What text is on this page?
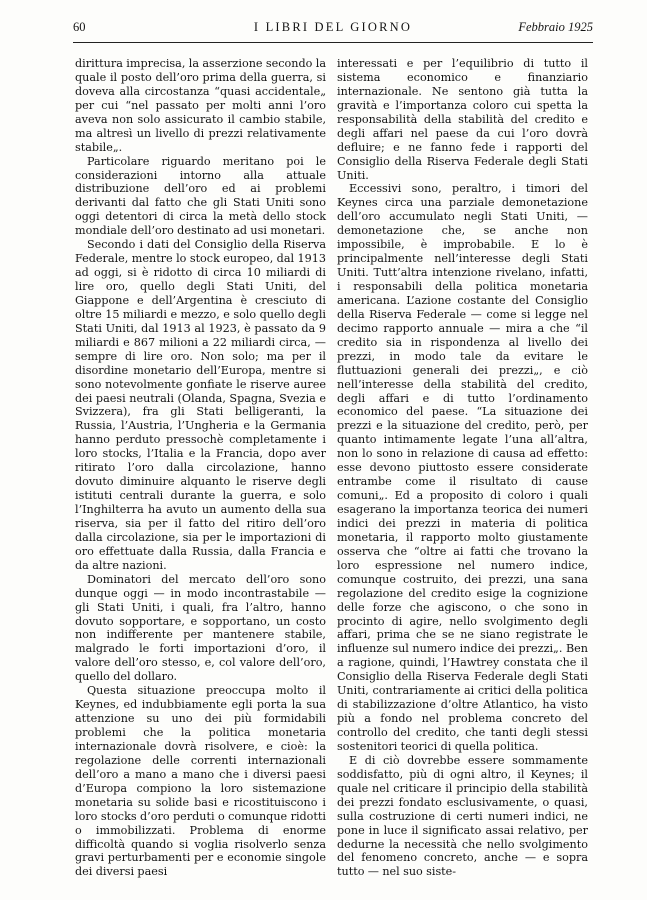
60	I LIBRI DEL GIORNO	Febbraio 1925

dirittura imprecisa, la asserzione secondo la quale il posto dell’oro prima della guerra, si doveva alla circostanza “quasi accidentale„ per cui “nel passato per molti anni l’oro aveva non solo assicurato il cambio stabile, ma altresì un livello di prezzi relativamente stabile„.

Particolare riguardo meritano poi le considerazioni intorno alla attuale distribuzione dell’oro ed ai problemi derivanti dal fatto che gli Stati Uniti sono oggi detentori di circa la metà dello stock mondiale dell’oro destinato ad usi monetari.

Secondo i dati del Consiglio della Riserva Federale, mentre lo stock europeo, dal 1913 ad oggi, si è ridotto di circa 10 miliardi di lire oro, quello degli Stati Uniti, del Giappone e dell’Argentina è cresciuto di oltre 15 miliardi e mezzo, e solo quello degli Stati Uniti, dal 1913 al 1923, è passato da 9 miliardi e 867 milioni a 22 miliardi circa, — sempre di lire oro. Non solo; ma per il disordine monetario dell’Europa, mentre si sono notevolmente gonfiate le riserve auree dei paesi neutrali (Olanda, Spagna, Svezia e Svizzera), fra gli Stati belligeranti, la Russia, l’Austria, l’Ungheria e la Germania hanno perduto pressochè completamente i loro stocks, l’Italia e la Francia, dopo aver ritirato l’oro dalla circolazione, hanno dovuto diminuire alquanto le riserve degli istituti centrali durante la guerra, e solo l’Inghilterra ha avuto un aumento della sua riserva, sia per il fatto del ritiro dell’oro dalla circolazione, sia per le importazioni di oro effettuate dalla Russia, dalla Francia e da altre nazioni.

Dominatori del mercato dell’oro sono dunque oggi — in modo incontrastabile — gli Stati Uniti, i quali, fra l’altro, hanno dovuto sopportare, e sopportano, un costo non indifferente per mantenere stabile, malgrado le forti importazioni d’oro, il valore dell’oro stesso, e, col valore dell’oro, quello del dollaro.

Questa situazione preoccupa molto il Keynes, ed indubbiamente egli porta la sua attenzione su uno dei più formidabili problemi che la politica monetaria internazionale dovrà risolvere, e cioè: la regolazione delle correnti internazionali dell’oro a mano a mano che i diversi paesi d’Europa compiono la loro sistemazione monetaria su solide basi e ricostituiscono i loro stocks d’oro perduti o comunque ridotti o immobilizzati. Problema di enorme difficoltà quando si voglia risolverlo senza gravi perturbamenti per e economie singole dei diversi paesi

interessati e per l’equilibrio di tutto il sistema economico e finanziario internazionale. Ne sentono già tutta la gravità e l’importanza coloro cui spetta la responsabilità della stabilità del credito e degli affari nel paese da cui l’oro dovrà defluire; e ne fanno fede i rapporti del Consiglio della Riserva Federale degli Stati Uniti.

Eccessivi sono, peraltro, i timori del Keynes circa una parziale demonetazione dell’oro accumulato negli Stati Uniti, — demonetazione che, se anche non impossibile, è improbabile. E lo è principalmente nell’interesse degli Stati Uniti. Tutt’altra intenzione rivelano, infatti, i responsabili della politica monetaria americana. L’azione costante del Consiglio della Riserva Federale — come si legge nel decimo rapporto annuale — mira a che “il credito sia in rispondenza al livello dei prezzi, in modo tale da evitare le fluttuazioni generali dei prezzi„, e ciò nell’interesse della stabilità del credito, degli affari e di tutto l’ordinamento economico del paese. “La situazione dei prezzi e la situazione del credito, però, per quanto intimamente legate l’una all’altra, non lo sono in relazione di causa ad effetto: esse devono piuttosto essere considerate entrambe come il risultato di cause comuni„. Ed a proposito di coloro i quali esagerano la importanza teorica dei numeri indici dei prezzi in materia di politica monetaria, il rapporto molto giustamente osserva che “oltre ai fatti che trovano la loro espressione nel numero indice, comunque costruito, dei prezzi, una sana regolazione del credito esige la cognizione delle forze che agiscono, o che sono in procinto di agire, nello svolgimento degli affari, prima che se ne siano registrate le influenze sul numero indice dei prezzi„. Ben a ragione, quindi, l’Hawtrey constata che il Consiglio della Riserva Federale degli Stati Uniti, contrariamente ai critici della politica di stabilizzazione d’oltre Atlantico, ha visto più a fondo nel problema concreto del controllo del credito, che tanti degli stessi sostenitori teorici di quella politica.

E di ciò dovrebbe essere sommamente soddisfatto, più di ogni altro, il Keynes; il quale nel criticare il principio della stabilità dei prezzi fondato esclusivamente, o quasi, sulla costruzione di certi numeri indici, ne pone in luce il significato assai relativo, per dedurne la necessità che nello svolgimento del fenomeno concreto, anche — e sopra tutto — nel suo siste-
